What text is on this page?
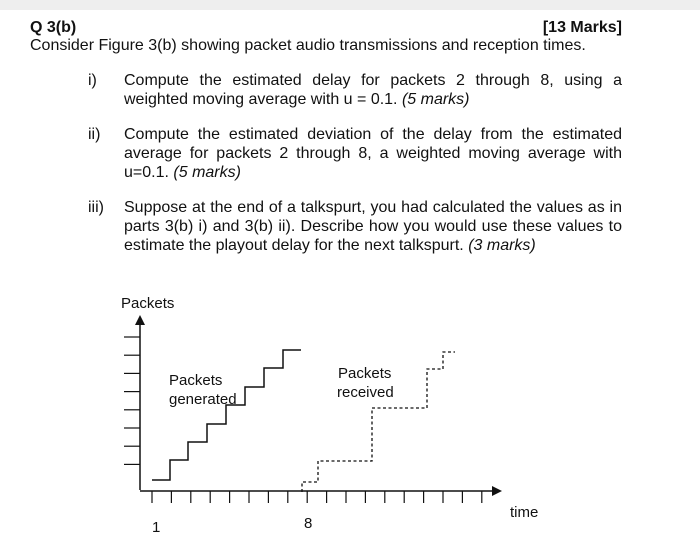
Q 3(b)	[13 Marks]
Consider Figure 3(b) showing packet audio transmissions and reception times.
i) Compute the estimated delay for packets 2 through 8, using a weighted moving average with u = 0.1. (5 marks)
ii) Compute the estimated deviation of the delay from the estimated average for packets 2 through 8, a weighted moving average with u=0.1. (5 marks)
iii) Suppose at the end of a talkspurt, you had calculated the values as in parts 3(b) i) and 3(b) ii). Describe how you would use these values to estimate the playout delay for the next talkspurt. (3 marks)
Packets
time
Packets
generated
Packets
received
1	8
